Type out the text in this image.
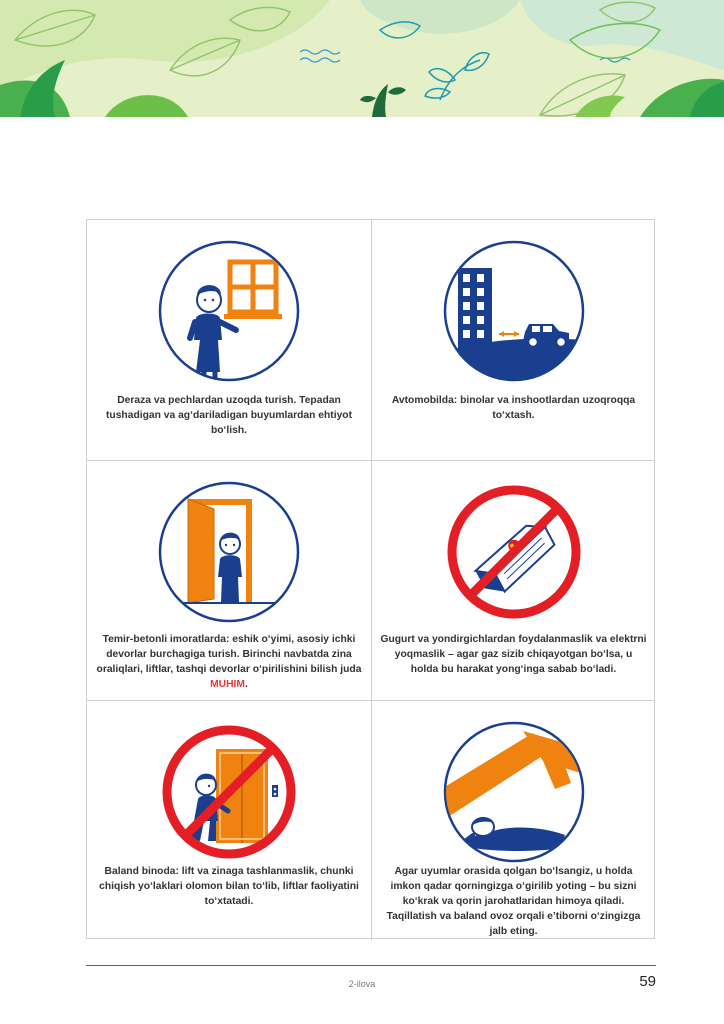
Deraza va pechlardan uzoqda turish. Tepadan tushadigan va ag‘dariladigan buyumlardan ehtiyot bo‘lish.
Avtomobilda: binolar va inshootlardan uzoqroqqa to‘xtash.
Temir-betonli imoratlarda: eshik o‘yimi, asosiy ichki devorlar burchagiga turish. Birinchi navbatda zina oraliqlari, liftlar, tashqi devorlar o‘pirilishini bilish juda
MUHIM.
Gugurt va yondirgichlardan foydalanmaslik va elektrni yoqmaslik – agar gaz sizib chiqayotgan bo‘lsa, u holda bu harakat yong‘inga sabab bo‘ladi.
Baland binoda: lift va zinaga tashlanmaslik, chunki chiqish yo‘laklari olomon bilan to‘lib, liftlar faoliyatini to‘xtatadi.
Agar uyumlar orasida qolgan bo‘lsangiz, u holda imkon qadar qorningizga o‘girilib yoting – bu sizni ko‘krak va qorin jarohatlaridan himoya qiladi. Taqillatish va baland ovoz orqali e’tiborni o‘zingizga jalb eting.
2-ilova	59
